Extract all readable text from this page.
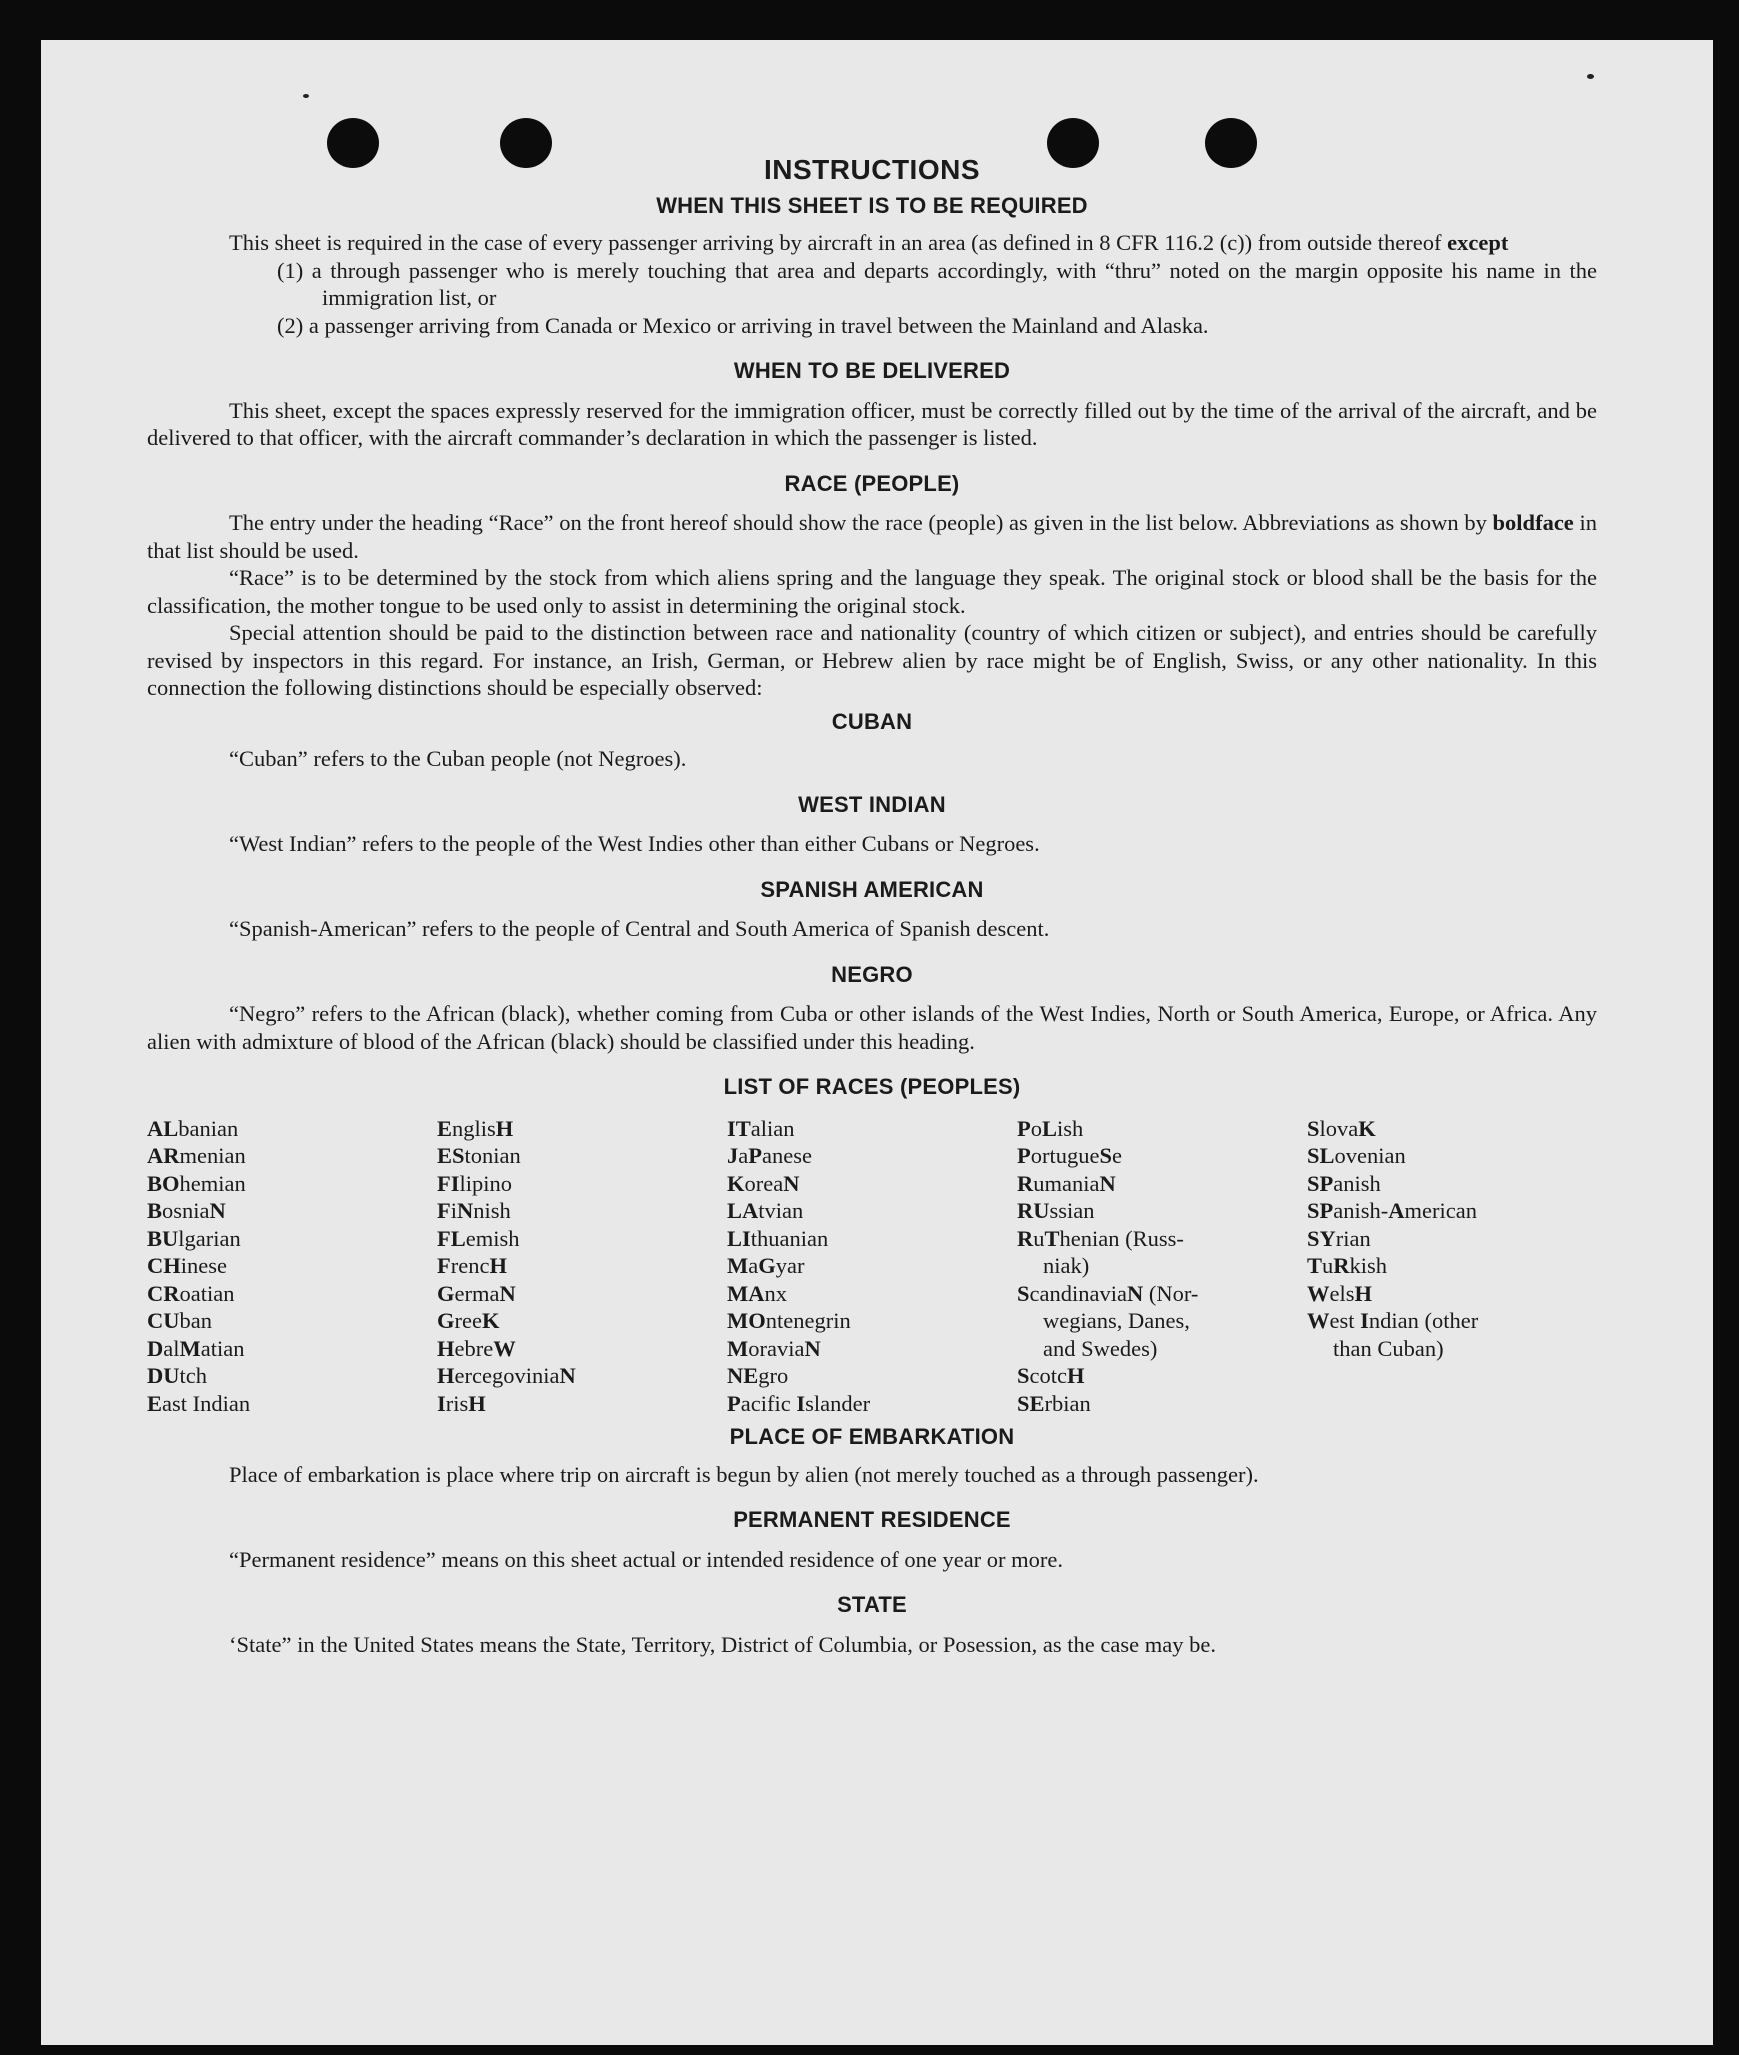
INSTRUCTIONS
WHEN THIS SHEET IS TO BE REQUIRED

This sheet is required in the case of every passenger arriving by aircraft in an area (as defined in 8 CFR 116.2 (c)) from outside thereof except

(1) a through passenger who is merely touching that area and departs accordingly, with “thru” noted on the margin opposite his name in the immigration list, or

(2) a passenger arriving from Canada or Mexico or arriving in travel between the Mainland and Alaska.

WHEN TO BE DELIVERED

This sheet, except the spaces expressly reserved for the immigration officer, must be correctly filled out by the time of the arrival of the aircraft, and be delivered to that officer, with the aircraft commander’s declaration in which the passenger is listed.

RACE (PEOPLE)

The entry under the heading “Race” on the front hereof should show the race (people) as given in the list below. Abbreviations as shown by boldface in that list should be used.

“Race” is to be determined by the stock from which aliens spring and the language they speak. The original stock or blood shall be the basis for the classification, the mother tongue to be used only to assist in determining the original stock.

Special attention should be paid to the distinction between race and nationality (country of which citizen or subject), and entries should be carefully revised by inspectors in this regard. For instance, an Irish, German, or Hebrew alien by race might be of English, Swiss, or any other nationality. In this connection the following distinctions should be especially observed:

CUBAN

“Cuban” refers to the Cuban people (not Negroes).

WEST INDIAN

“West Indian” refers to the people of the West Indies other than either Cubans or Negroes.

SPANISH AMERICAN

“Spanish-American” refers to the people of Central and South America of Spanish descent.

NEGRO

“Negro” refers to the African (black), whether coming from Cuba or other islands of the West Indies, North or South America, Europe, or Africa. Any alien with admixture of blood of the African (black) should be classified under this heading.

LIST OF RACES (PEOPLES)
ALbanian
ARmenian
BOhemian
BosniaN
BUlgarian
CHinese
CRoatian
CUban
DalMatian
DUtch
East Indian
EnglisH
EStonian
FIlipino
FiNnish
FLemish
FrencH
GermaN
GreeK
HebreW
HercegoviniaN
IrisH
ITalian
JaPanese
KoreaN
LAtvian
LIthuanian
MaGyar
MAnx
MOntenegrin
MoraviaN
NEgro
Pacific Islander
PoLish
PortugueSe
RumaniaN
RUssian
RuThenian (Russ-
niak)
ScandinaviaN (Nor-
wegians, Danes,
and Swedes)
ScotcH
SErbian
SlovaK
SLovenian
SPanish
SPanish-American
SYrian
TuRkish
WelsH
West Indian (other
than Cuban)
PLACE OF EMBARKATION

Place of embarkation is place where trip on aircraft is begun by alien (not merely touched as a through passenger).

PERMANENT RESIDENCE

“Permanent residence” means on this sheet actual or intended residence of one year or more.

STATE

‘State” in the United States means the State, Territory, District of Columbia, or Posession, as the case may be.
